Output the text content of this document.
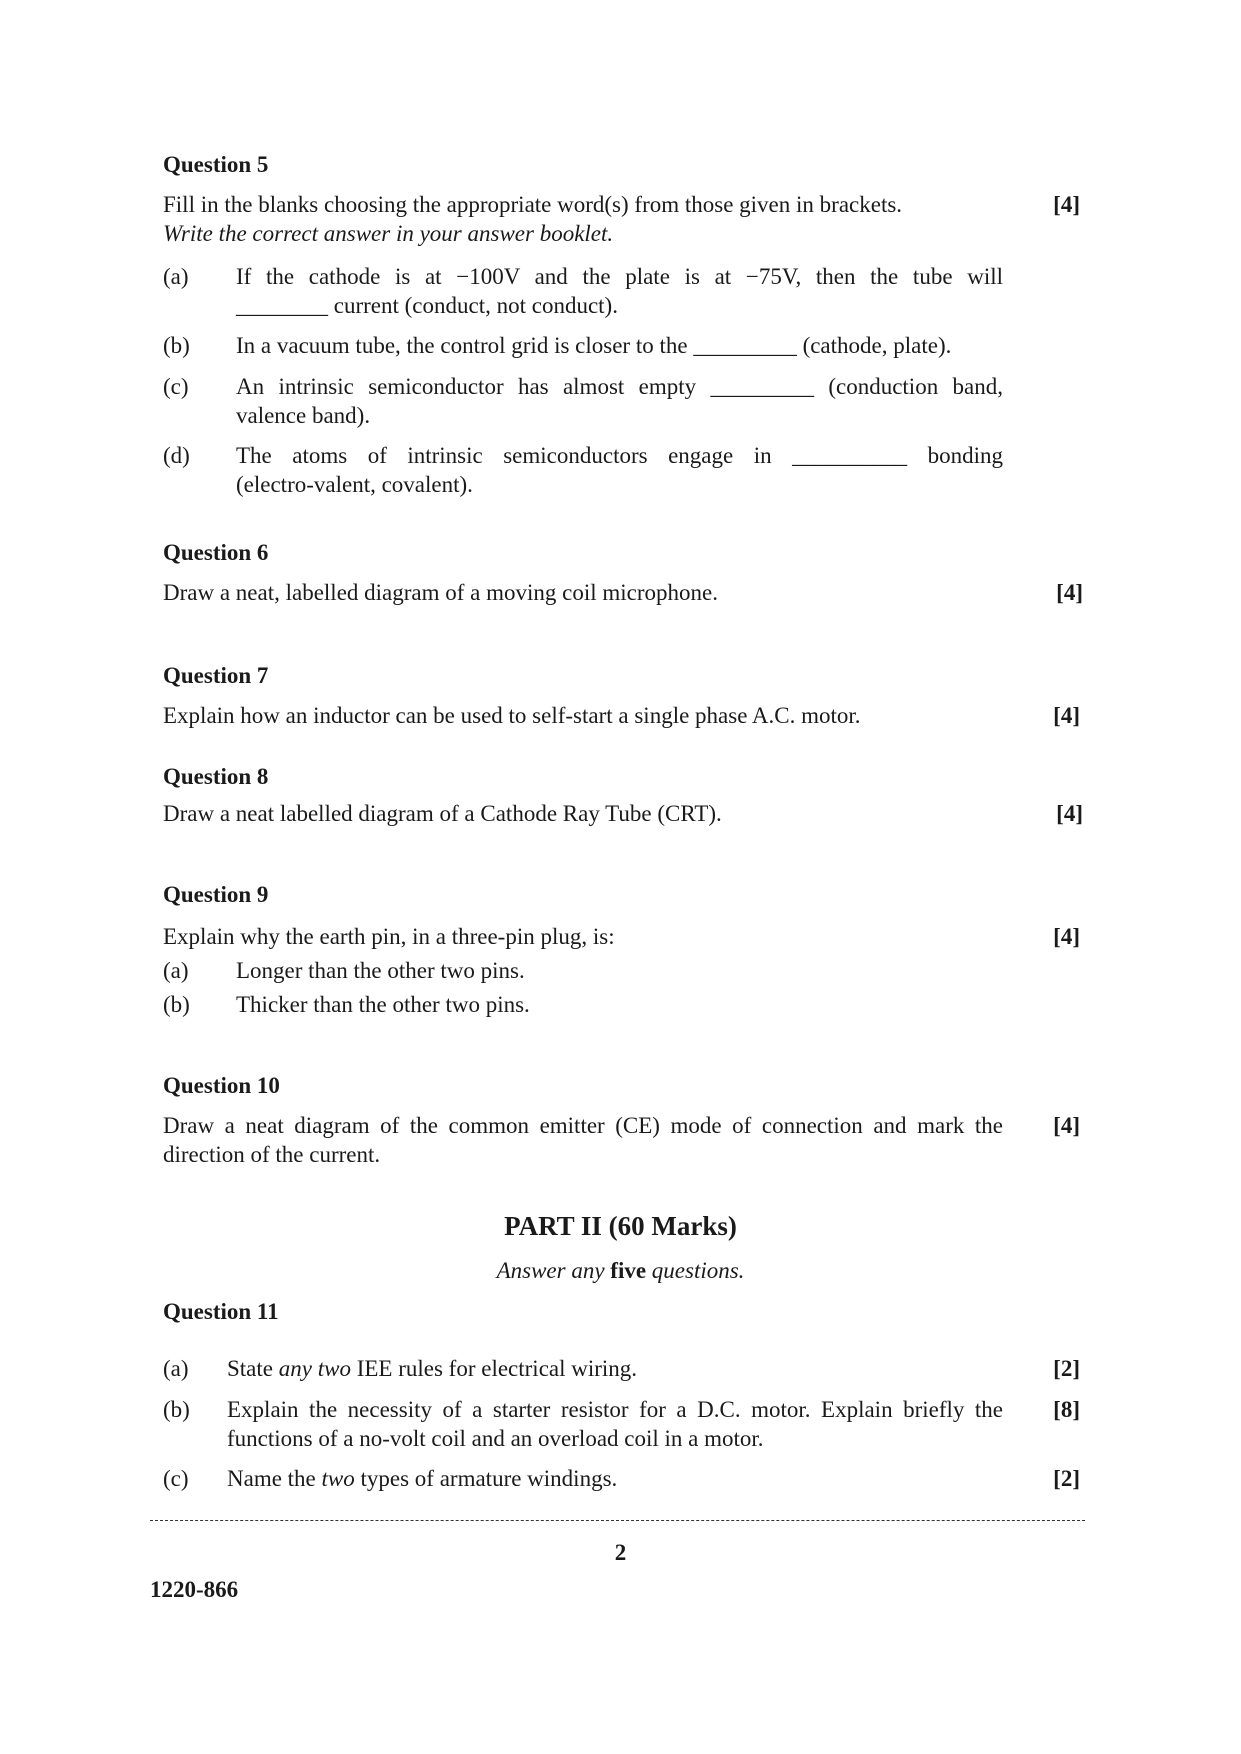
Question 5
Fill in the blanks choosing the appropriate word(s) from those given in brackets.
Write the correct answer in your answer booklet.
[4]
(a)	If the cathode is at −100V and the plate is at −75V, then the tube will
________ current (conduct, not conduct).
(b)	In a vacuum tube, the control grid is closer to the _________ (cathode, plate).
(c)	An intrinsic semiconductor has almost empty _________ (conduction band,
valence band).
(d)	The atoms of intrinsic semiconductors engage in __________ bonding
(electro-valent, covalent).
Question 6
Draw a neat, labelled diagram of a moving coil microphone.	[4]
Question 7
Explain how an inductor can be used to self-start a single phase A.C. motor.	[4]
Question 8
Draw a neat labelled diagram of a Cathode Ray Tube (CRT).	[4]
Question 9
Explain why the earth pin, in a three-pin plug, is:	[4]
(a)	Longer than the other two pins.
(b)	Thicker than the other two pins.
Question 10
Draw a neat diagram of the common emitter (CE) mode of connection and mark the
direction of the current.
[4]
PART II (60 Marks)
Answer any five questions.
Question 11
(a)	State any two IEE rules for electrical wiring.	[2]
(b)	Explain the necessity of a starter resistor for a D.C. motor. Explain briefly the
functions of a no-volt coil and an overload coil in a motor.
[8]
(c)	Name the two types of armature windings.	[2]
2
1220-866
